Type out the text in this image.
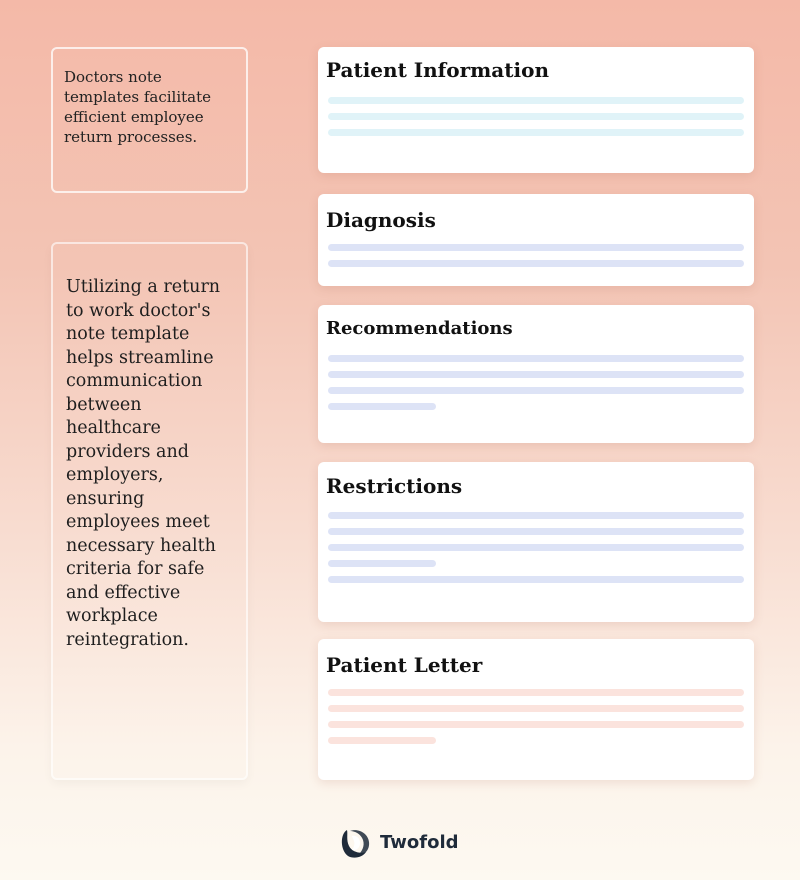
Doctors note templates facilitate efficient employee return processes.
Utilizing a return to work doctor's note template helps streamline communication between healthcare providers and employers, ensuring employees meet necessary health criteria for safe and effective workplace reintegration.
Patient Information
Diagnosis
Recommendations
Restrictions
Patient Letter
Twofold
